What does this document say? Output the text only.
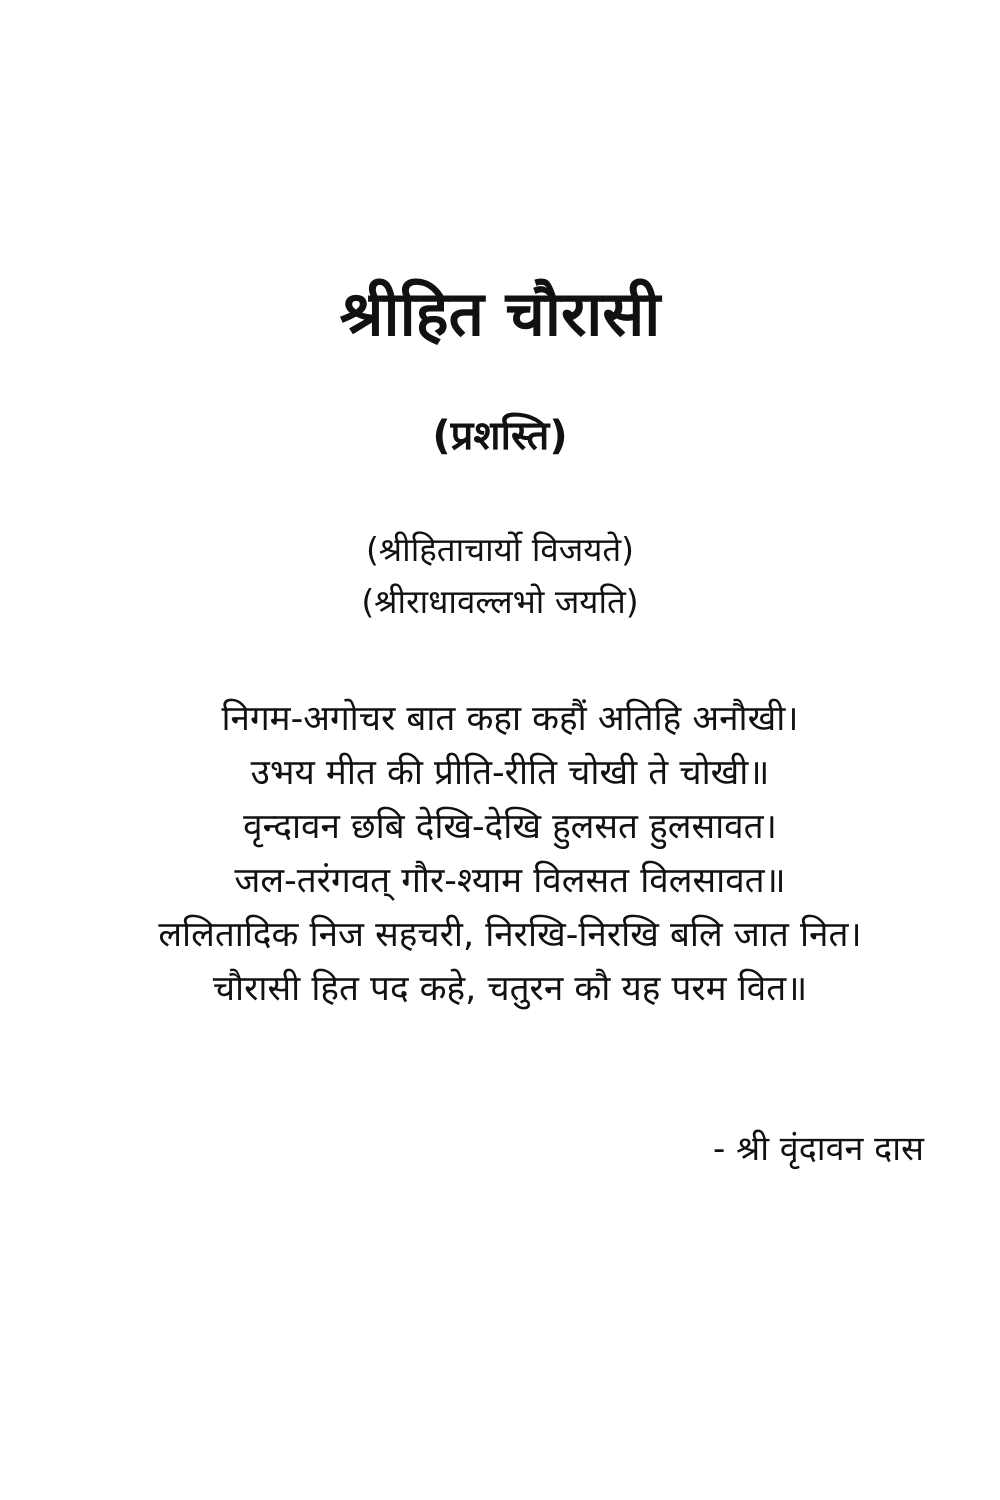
श्रीहित चौरासी
(प्रशस्ति)
(श्रीहिताचार्यो विजयते)
(श्रीराधावल्लभो जयति)
निगम-अगोचर बात कहा कहौं अतिहि अनौखी।
उभय मीत की प्रीति-रीति चोखी ते चोखी॥
वृन्दावन छबि देखि-देखि हुलसत हुलसावत।
जल-तरंगवत् गौर-श्याम विलसत विलसावत॥
ललितादिक निज सहचरी, निरखि-निरखि बलि जात नित।
चौरासी हित पद कहे, चतुरन कौ यह परम वित॥
- श्री वृंदावन दास
